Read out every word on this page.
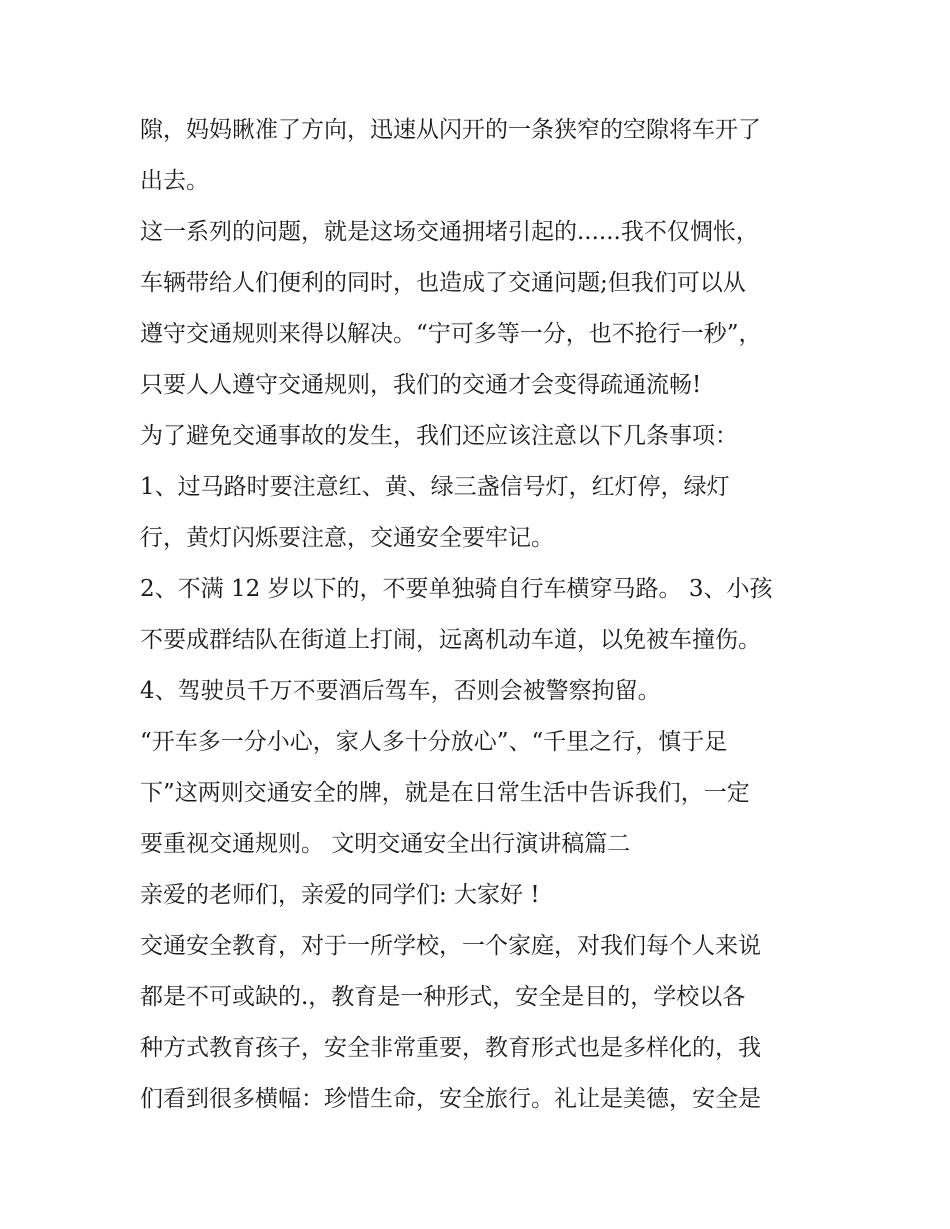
隙，妈妈瞅准了方向，迅速从闪开的一条狭窄的空隙将车开了
出去。
这一系列的问题，就是这场交通拥堵引起的......我不仅惆怅，
车辆带给人们便利的同时，也造成了交通问题;但我们可以从
遵守交通规则来得以解决。“宁可多等一分，也不抢行一秒”，
只要人人遵守交通规则，我们的交通才会变得疏通流畅!
为了避免交通事故的发生，我们还应该注意以下几条事项：
1、过马路时要注意红、黄、绿三盏信号灯，红灯停，绿灯
行，黄灯闪烁要注意，交通安全要牢记。
2、不满 12 岁以下的，不要单独骑自行车横穿马路。 3、小孩
不要成群结队在街道上打闹，远离机动车道，以免被车撞伤。
4、驾驶员千万不要酒后驾车，否则会被警察拘留。
“开车多一分小心，家人多十分放心”、“千里之行，慎于足
下”这两则交通安全的牌，就是在日常生活中告诉我们，一定
要重视交通规则。 文明交通安全出行演讲稿篇二
亲爱的老师们，亲爱的同学们: 大家好 !
交通安全教育，对于一所学校，一个家庭，对我们每个人来说
都是不可或缺的.，教育是一种形式，安全是目的，学校以各
种方式教育孩子，安全非常重要，教育形式也是多样化的，我
们看到很多横幅：珍惜生命，安全旅行。礼让是美德，安全是
